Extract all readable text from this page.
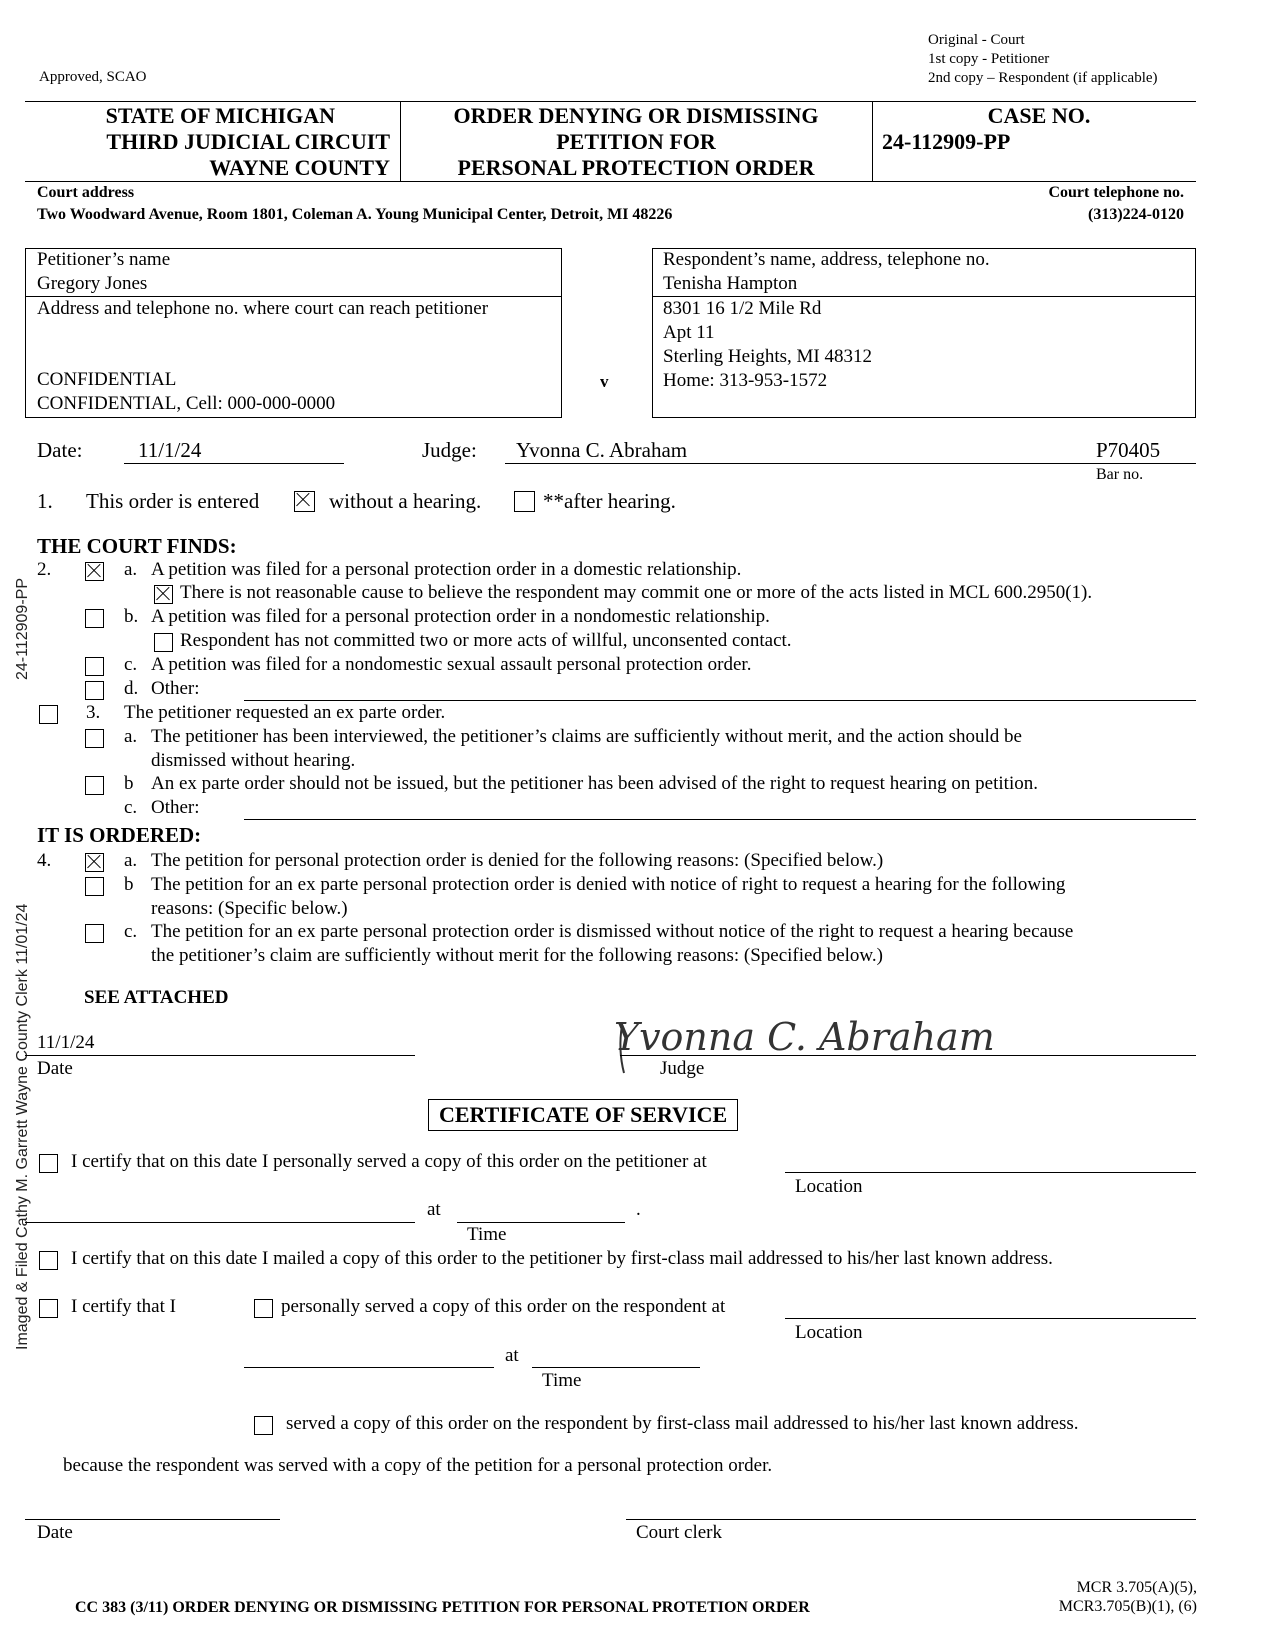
Imaged & Filed Cathy M. Garrett Wayne County Clerk 11/01/24
24-112909-PP
Approved, SCAO
Original - Court
1st copy - Petitioner
2nd copy – Respondent (if applicable)
STATE OF MICHIGAN
THIRD JUDICIAL CIRCUIT
WAYNE COUNTY
ORDER DENYING OR DISMISSING
PETITION FOR
PERSONAL PROTECTION ORDER
CASE NO.
24-112909-PP
Court address
Two Woodward Avenue, Room 1801, Coleman A. Young Municipal Center, Detroit, MI 48226
Court telephone no.
(313)224-0120
Petitioner’s name
Gregory Jones
Address and telephone no. where court can reach petitioner
CONFIDENTIAL
CONFIDENTIAL, Cell: 000-000-0000
v
Respondent’s name, address, telephone no.
Tenisha Hampton
8301 16 1/2 Mile Rd
Apt 11
Sterling Heights, MI 48312
Home: 313-953-1572
Date:	11/1/24	Judge: Yvonna C. Abraham	P70405
Bar no.
1. This order is entered	without a hearing.	**after hearing.
THE COURT FINDS:
2.	a. A petition was filed for a personal protection order in a domestic relationship.
There is not reasonable cause to believe the respondent may commit one or more of the acts listed in MCL 600.2950(1).
b. A petition was filed for a personal protection order in a nondomestic relationship.
Respondent has not committed two or more acts of willful, unconsented contact.
c. A petition was filed for a nondomestic sexual assault personal protection order.
d. Other:
3. The petitioner requested an ex parte order.
a. The petitioner has been interviewed, the petitioner’s claims are sufficiently without merit, and the action should be
dismissed without hearing.
b An ex parte order should not be issued, but the petitioner has been advised of the right to request hearing on petition.
c. Other:
IT IS ORDERED:
4.	a. The petition for personal protection order is denied for the following reasons: (Specified below.)
b The petition for an ex parte personal protection order is denied with notice of right to request a hearing for the following
reasons: (Specific below.)
c. The petition for an ex parte personal protection order is dismissed without notice of the right to request a hearing because
the petitioner’s claim are sufficiently without merit for the following reasons: (Specified below.)
SEE ATTACHED
11/1/24
Date
Yvonna C. Abraham
Judge
CERTIFICATE OF SERVICE
I certify that on this date I personally served a copy of this order on the petitioner at
Location
at	.
Time
I certify that on this date I mailed a copy of this order to the petitioner by first-class mail addressed to his/her last known address.
I certify that I	personally served a copy of this order on the respondent at
Location
at
Time
served a copy of this order on the respondent by first-class mail addressed to his/her last known address.
because the respondent was served with a copy of the petition for a personal protection order.
Date	Court clerk
CC 383 (3/11) ORDER DENYING OR DISMISSING PETITION FOR PERSONAL PROTETION ORDER
MCR 3.705(A)(5),
MCR3.705(B)(1), (6)
